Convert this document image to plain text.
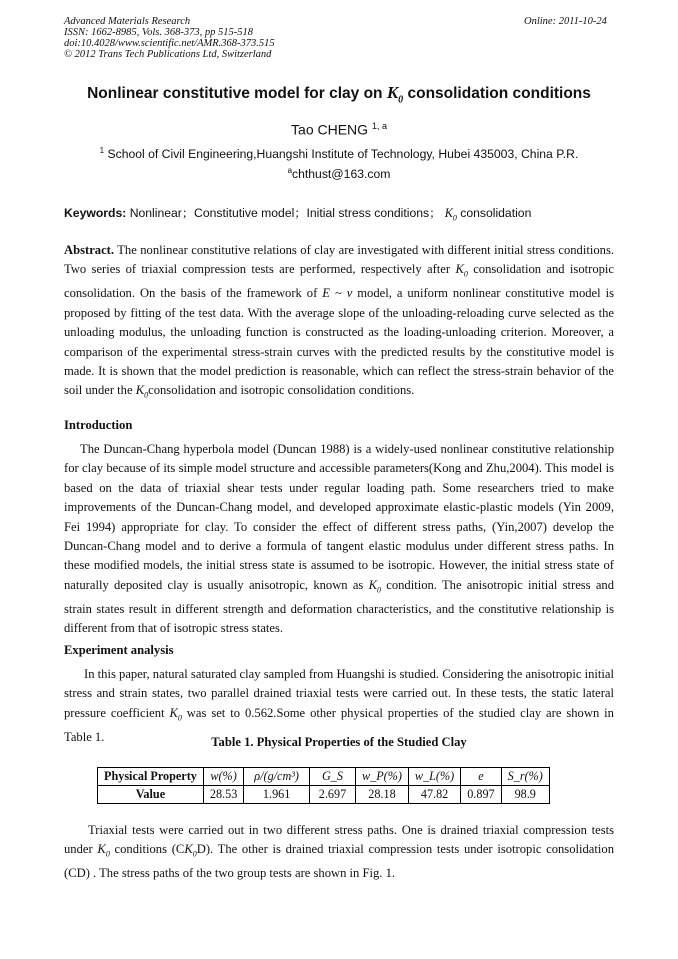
Advanced Materials Research
ISSN: 1662-8985, Vols. 368-373, pp 515-518
doi:10.4028/www.scientific.net/AMR.368-373.515
© 2012 Trans Tech Publications Ltd, Switzerland
Online: 2011-10-24
Nonlinear constitutive model for clay on $K_0$ consolidation conditions
Tao CHENG $^{1, a}$
$^1$ School of Civil Engineering,Huangshi Institute of Technology, Hubei 435003, China P.R.
$^a$chthust@163.com
Keywords: Nonlinear；Constitutive model；Initial stress conditions； $K_0$ consolidation
Abstract. The nonlinear constitutive relations of clay are investigated with different initial stress conditions. Two series of triaxial compression tests are performed, respectively after $K_0$ consolidation and isotropic consolidation. On the basis of the framework of E ~ ν model, a uniform nonlinear constitutive model is proposed by fitting of the test data. With the average slope of the unloading-reloading curve selected as the unloading modulus, the unloading function is constructed as the loading-unloading criterion. Moreover, a comparison of the experimental stress-strain curves with the predicted results by the constitutive model is made. It is shown that the model prediction is reasonable, which can reflect the stress-strain behavior of the soil under the $K_0consolidation$ and isotropic consolidation conditions.
Introduction
The Duncan-Chang hyperbola model (Duncan 1988) is a widely-used nonlinear constitutive relationship for clay because of its simple model structure and accessible parameters(Kong and Zhu,2004). This model is based on the data of triaxial shear tests under regular loading path. Some researchers tried to make improvements of the Duncan-Chang model, and developed approximate elastic-plastic models (Yin 2009, Fei 1994) appropriate for clay. To consider the effect of different stress paths, (Yin,2007) develop the Duncan-Chang model and to derive a formula of tangent elastic modulus under different stress paths. In these modified models, the initial stress state is assumed to be isotropic. However, the initial stress state of naturally deposited clay is usually anisotropic, known as $K_0$ condition. The anisotropic initial stress and strain states result in different strength and deformation characteristics, and the constitutive relationship is different from that of isotropic stress states.
Experiment analysis
In this paper, natural saturated clay sampled from Huangshi is studied. Considering the anisotropic initial stress and strain states, two parallel drained triaxial tests were carried out. In these tests, the static lateral pressure coefficient $K_0$ was set to 0.562.Some other physical properties of the studied clay are shown in Table 1.	Table 1. Physical Properties of the Studied Clay
Physical Property	w(%)	ρ/(g/cm³)	G_S	w_P(%)	w_L(%)	e	S_r(%)
Value	28.53	1.961	2.697	28.18	47.82	0.897	98.9
Triaxial tests were carried out in two different stress paths. One is drained triaxial compression tests under $K_0$ conditions $(CK_0D)$. The other is drained triaxial compression tests under isotropic consolidation (CD) . The stress paths of the two group tests are shown in Fig. 1.
